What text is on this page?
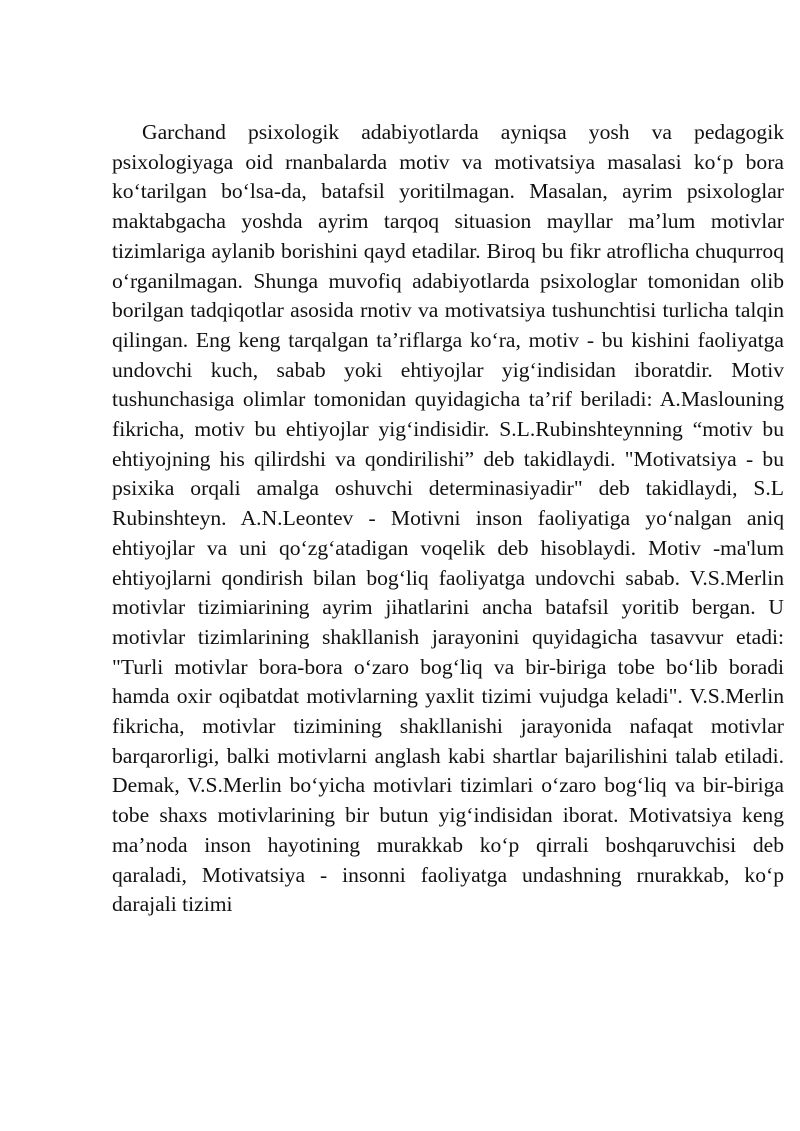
Garchand psixologik adabiyotlarda ayniqsa yosh va pedagogik psixologiyaga oid rnanbalarda motiv va motivatsiya masalasi ko‘p bora ko‘tarilgan bo‘lsa-da, batafsil yoritilmagan. Masalan, ayrim psixologlar maktabgacha yoshda ayrim tarqoq situasion mayllar ma’lum motivlar tizimlariga aylanib borishini qayd etadilar. Biroq bu fikr atroflicha chuqurroq o‘rganilmagan. Shunga muvofiq adabiyotlarda psixologlar tomonidan olib borilgan tadqiqotlar asosida rnotiv va motivatsiya tushunchtisi turlicha talqin qilingan. Eng keng tarqalgan ta’riflarga ko‘ra, motiv - bu kishini faoliyatga undovchi kuch, sabab yoki ehtiyojlar yig‘indisidan iboratdir. Motiv tushunchasiga olimlar tomonidan quyidagicha ta’rif beriladi: A.Maslouning fikricha, motiv bu ehtiyojlar yig‘indisidir. S.L.Rubinshteynning “motiv bu ehtiyojning his qilirdshi va qondirilishi” deb takidlaydi. "Motivatsiya - bu psixika orqali amalga oshuvchi determinasiyadir" deb takidlaydi, S.L Rubinshteyn. A.N.Leontev - Motivni inson faoliyatiga yo‘nalgan aniq ehtiyojlar va uni qo‘zg‘atadigan voqelik deb hisoblaydi. Motiv -ma'lum ehtiyojlarni qondirish bilan bog‘liq faoliyatga undovchi sabab. V.S.Merlin motivlar tizimiarining ayrim jihatlarini ancha batafsil yoritib bergan. U motivlar tizimlarining shakllanish jarayonini quyidagicha tasavvur etadi: "Turli motivlar bora-bora o‘zaro bog‘liq va bir-biriga tobe bo‘lib boradi hamda oxir oqibatdat motivlarning yaxlit tizimi vujudga keladi". V.S.Merlin fikricha, motivlar tizimining shakllanishi jarayonida nafaqat motivlar barqarorligi, balki motivlarni anglash kabi shartlar bajarilishini talab etiladi. Demak, V.S.Merlin bo‘yicha motivlari tizimlari o‘zaro bog‘liq va bir-biriga tobe shaxs motivlarining bir butun yig‘indisidan iborat. Motivatsiya keng ma’noda inson hayotining murakkab ko‘p qirrali boshqaruvchisi deb qaraladi, Motivatsiya - insonni faoliyatga undashning rnurakkab, ko‘p darajali tizimi
